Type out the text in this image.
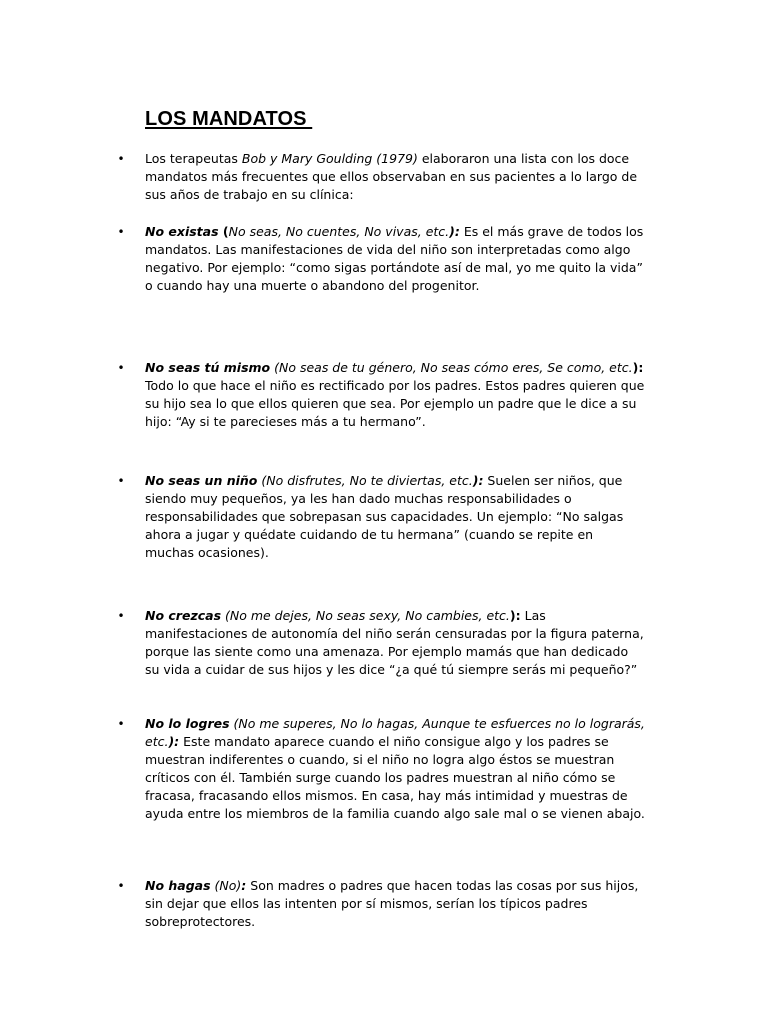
LOS MANDATOS
• Los terapeutas Bob y Mary Goulding (1979) elaboraron una lista con los doce mandatos más frecuentes que ellos observaban en sus pacientes a lo largo de sus años de trabajo en su clínica:
• No existas (No seas, No cuentes, No vivas, etc.): Es el más grave de todos los mandatos. Las manifestaciones de vida del niño son interpretadas como algo negativo. Por ejemplo: “como sigas portándote así de mal, yo me quito la vida” o cuando hay una muerte o abandono del progenitor.
• No seas tú mismo (No seas de tu género, No seas cómo eres, Se como, etc.): Todo lo que hace el niño es rectificado por los padres. Estos padres quieren que su hijo sea lo que ellos quieren que sea. Por ejemplo un padre que le dice a su hijo: “Ay si te parecieses más a tu hermano”.
• No seas un niño (No disfrutes, No te diviertas, etc.): Suelen ser niños, que siendo muy pequeños, ya les han dado muchas responsabilidades o responsabilidades que sobrepasan sus capacidades. Un ejemplo: “No salgas ahora a jugar y quédate cuidando de tu hermana” (cuando se repite en muchas ocasiones).
• No crezcas (No me dejes, No seas sexy, No cambies, etc.): Las manifestaciones de autonomía del niño serán censuradas por la figura paterna, porque las siente como una amenaza. Por ejemplo mamás que han dedicado su vida a cuidar de sus hijos y les dice “¿a qué tú siempre serás mi pequeño?”
• No lo logres (No me superes, No lo hagas, Aunque te esfuerces no lo lograrás, etc.): Este mandato aparece cuando el niño consigue algo y los padres se muestran indiferentes o cuando, si el niño no logra algo éstos se muestran críticos con él. También surge cuando los padres muestran al niño cómo se fracasa, fracasando ellos mismos. En casa, hay más intimidad y muestras de ayuda entre los miembros de la familia cuando algo sale mal o se vienen abajo.
• No hagas (No): Son madres o padres que hacen todas las cosas por sus hijos, sin dejar que ellos las intenten por sí mismos, serían los típicos padres sobreprotectores.
